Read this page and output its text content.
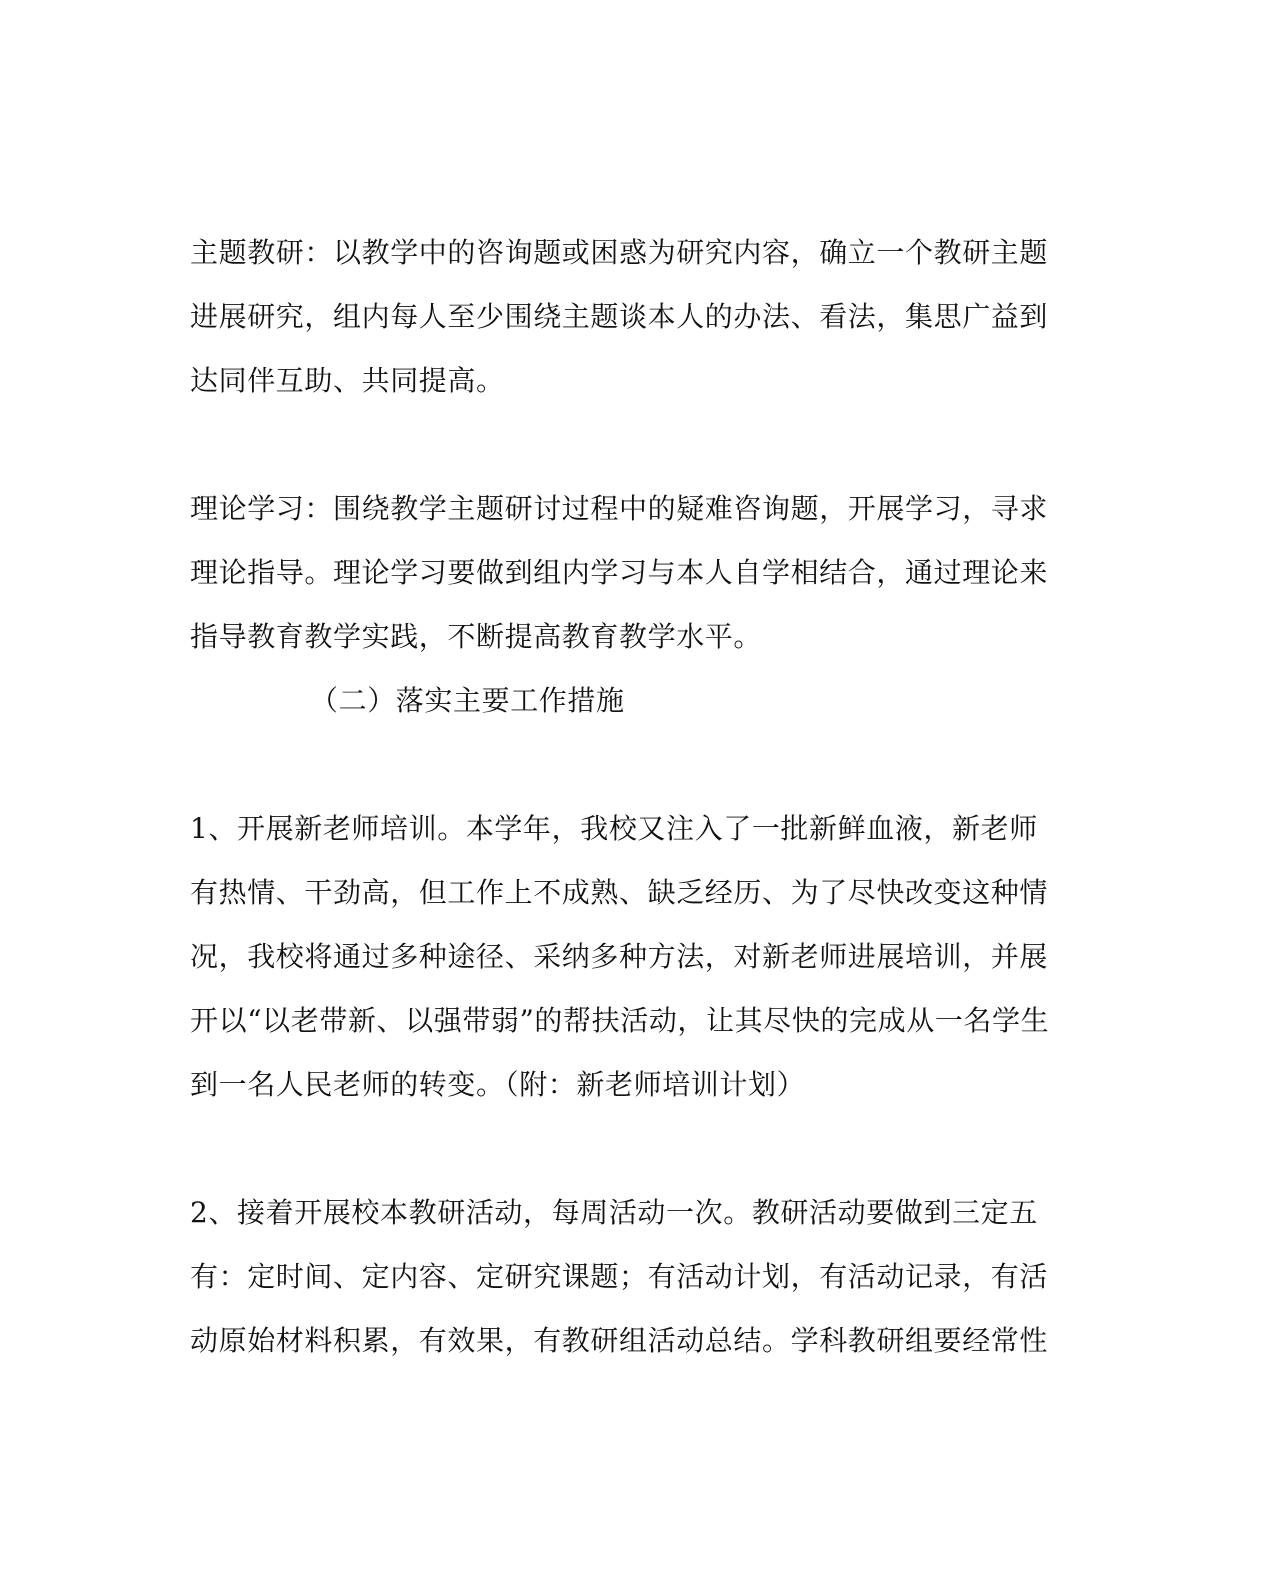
主题教研：以教学中的咨询题或困惑为研究内容，确立一个教研主题
进展研究，组内每人至少围绕主题谈本人的办法、看法，集思广益到
达同伴互助、共同提高。
理论学习：围绕教学主题研讨过程中的疑难咨询题，开展学习，寻求
理论指导。理论学习要做到组内学习与本人自学相结合，通过理论来
指导教育教学实践，不断提高教育教学水平。
（二）落实主要工作措施
1、开展新老师培训。本学年，我校又注入了一批新鲜血液，新老师
有热情、干劲高，但工作上不成熟、缺乏经历、为了尽快改变这种情
况，我校将通过多种途径、采纳多种方法，对新老师进展培训，并展
开以“以老带新、以强带弱”的帮扶活动，让其尽快的完成从一名学生
到一名人民老师的转变。（附：新老师培训计划）
2、接着开展校本教研活动，每周活动一次。教研活动要做到三定五
有：定时间、定内容、定研究课题；有活动计划，有活动记录，有活
动原始材料积累，有效果，有教研组活动总结。学科教研组要经常性
